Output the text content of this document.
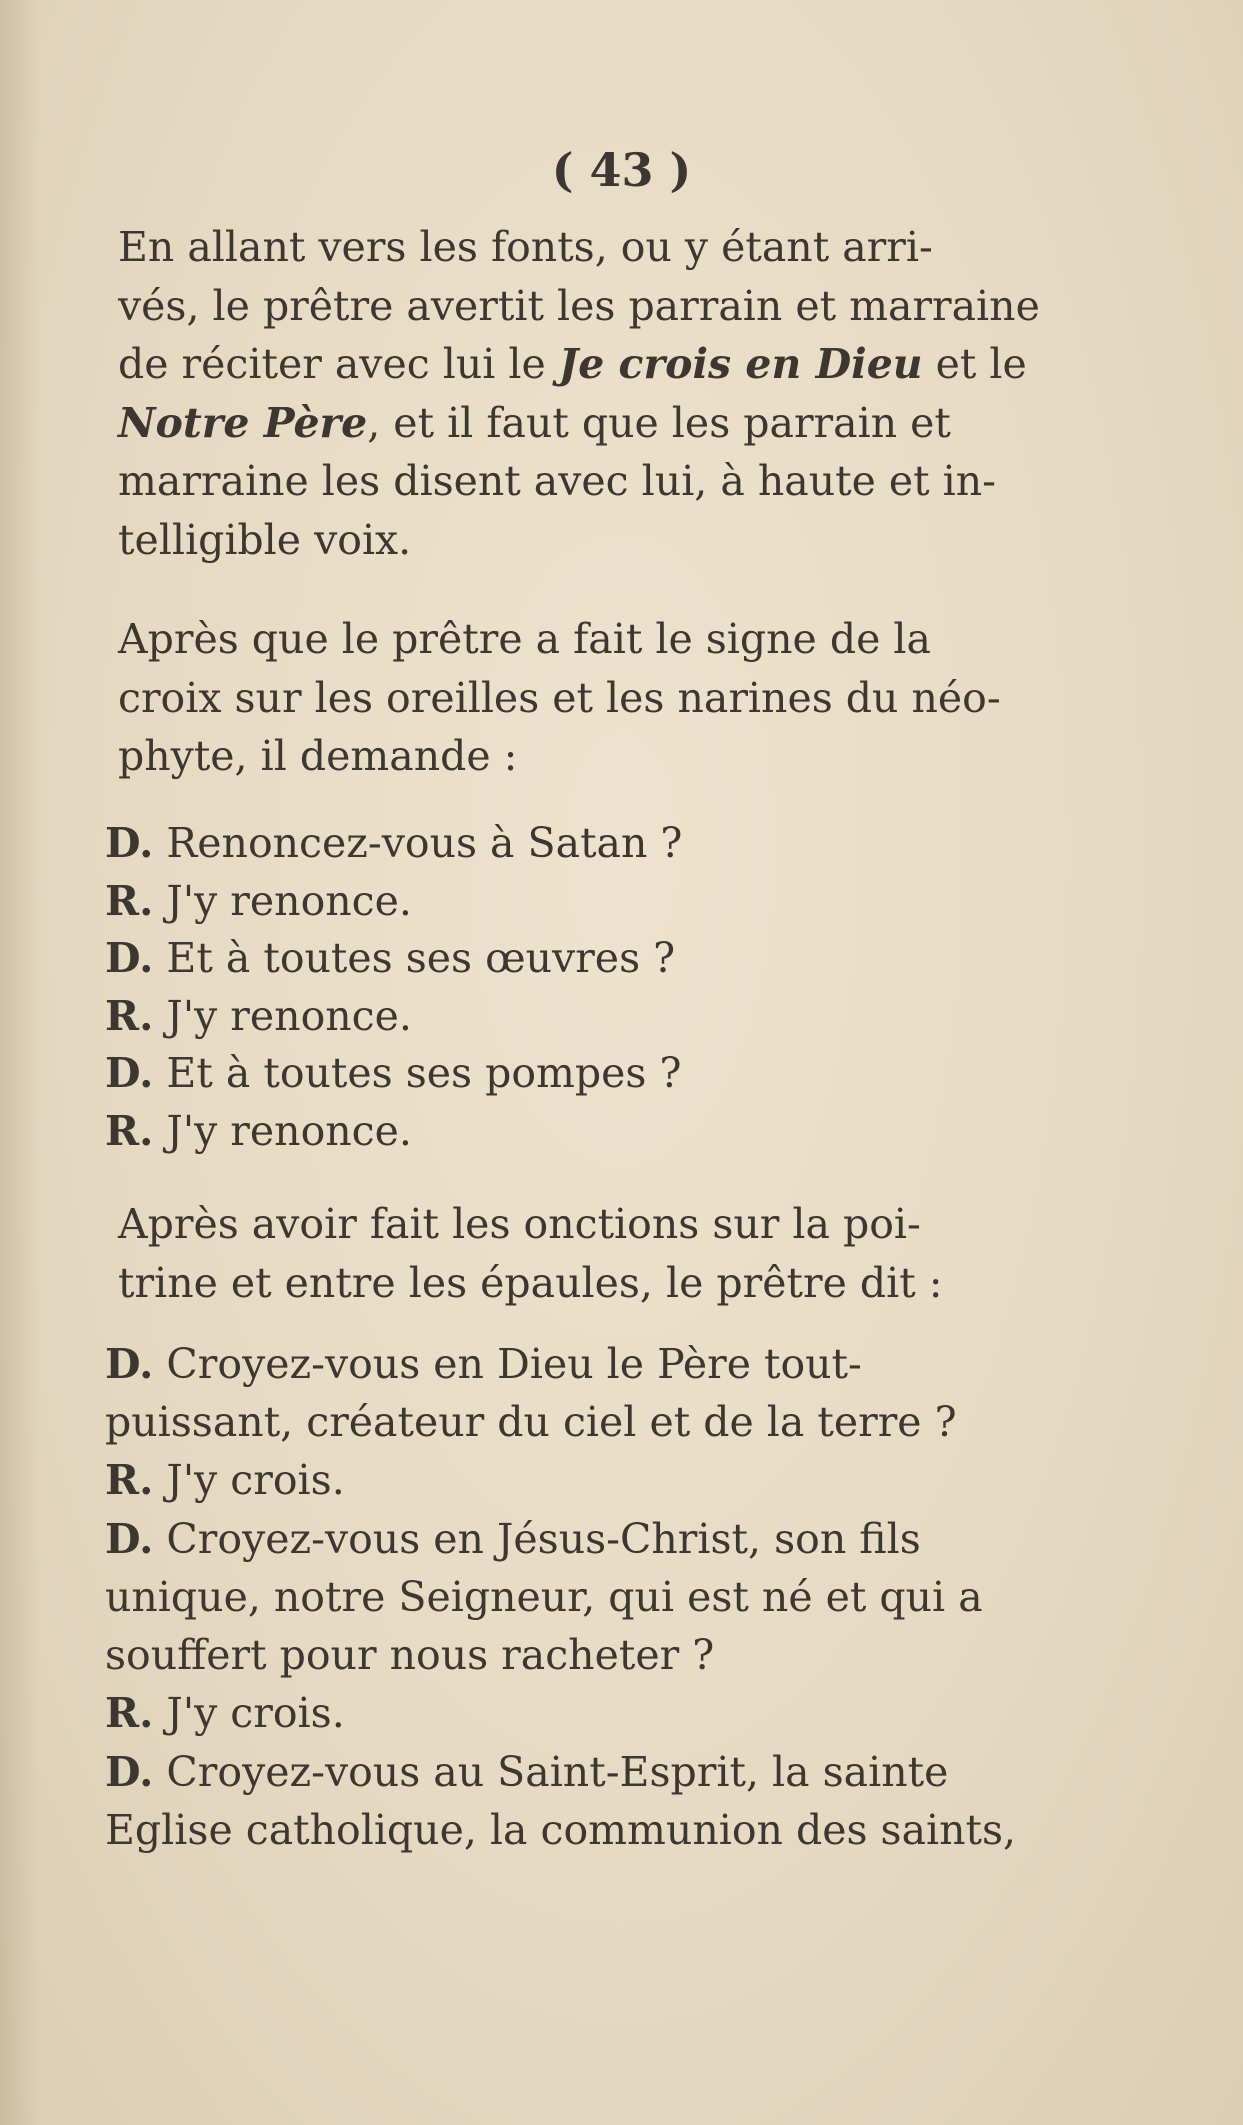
( 43 )

En allant vers les fonts, ou y étant arri-
vés, le prêtre avertit les parrain et marraine
de réciter avec lui le Je crois en Dieu et le
Notre Père, et il faut que les parrain et
marraine les disent avec lui, à haute et in-
telligible voix.

Après que le prêtre a fait le signe de la
croix sur les oreilles et les narines du néo-
phyte, il demande :

D. Renoncez-vous à Satan ?
R. J'y renonce.
D. Et à toutes ses œuvres ?
R. J'y renonce.
D. Et à toutes ses pompes ?
R. J'y renonce.

Après avoir fait les onctions sur la poi-
trine et entre les épaules, le prêtre dit :

D. Croyez-vous en Dieu le Père tout-
puissant, créateur du ciel et de la terre ?

R. J'y crois.

D. Croyez-vous en Jésus-Christ, son fils
unique, notre Seigneur, qui est né et qui a
souffert pour nous racheter ?

R. J'y crois.

D. Croyez-vous au Saint-Esprit, la sainte
Eglise catholique, la communion des saints,
